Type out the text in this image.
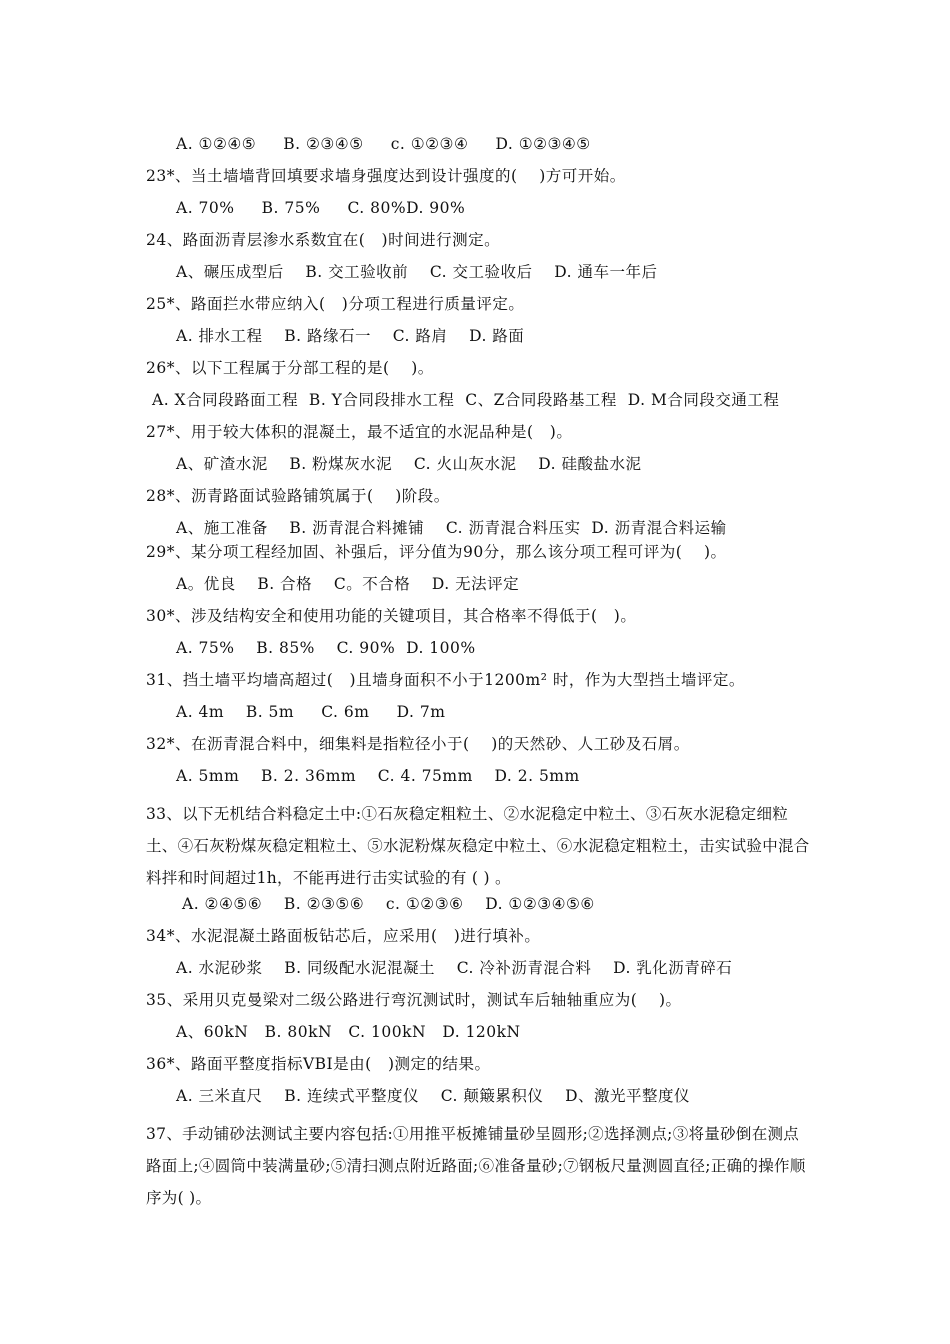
A. ①②④⑤     B. ②③④⑤     c. ①②③④     D. ①②③④⑤
23*、当土墙墙背回填要求墙身强度达到设计强度的(    )方可开始。
A. 70%     B. 75%     C. 80%D. 90%
24、路面沥青层渗水系数宜在(   )时间进行测定。
A、碾压成型后    B. 交工验收前    C. 交工验收后    D. 通车一年后
25*、路面拦水带应纳入(   )分项工程进行质量评定。
A. 排水工程    B. 路缘石一    C. 路肩    D. 路面
26*、以下工程属于分部工程的是(    )。
A. X合同段路面工程  B. Y合同段排水工程  C、Z合同段路基工程  D. M合同段交通工程
27*、用于较大体积的混凝土，最不适宜的水泥品种是(   )。
A、矿渣水泥    B. 粉煤灰水泥    C. 火山灰水泥    D. 硅酸盐水泥
28*、沥青路面试验路铺筑属于(    )阶段。
A、施工准备    B. 沥青混合料摊铺    C. 沥青混合料压实  D. 沥青混合料运输
29*、某分项工程经加固、补强后，评分值为90分，那么该分项工程可评为(    )。
A。优良    B. 合格    C。不合格    D. 无法评定
30*、涉及结构安全和使用功能的关键项目，其合格率不得低于(   )。
A. 75%    B. 85%    C. 90%  D. 100%
31、挡土墙平均墙高超过(   )且墙身面积不小于1200m² 时，作为大型挡土墙评定。
A. 4m    B. 5m     C. 6m     D. 7m
32*、在沥青混合料中，细集料是指粒径小于(    )的天然砂、人工砂及石屑。
A. 5mm    B. 2. 36mm    C. 4. 75mm    D. 2. 5mm
33、以下无机结合料稳定土中:①石灰稳定粗粒土、②水泥稳定中粒土、③石灰水泥稳定细粒土、④石灰粉煤灰稳定粗粒土、⑤水泥粉煤灰稳定中粒土、⑥水泥稳定粗粒土，击实试验中混合料拌和时间超过1h，不能再进行击实试验的有 ( ) 。
A. ②④⑤⑥    B. ②③⑤⑥    c. ①②③⑥    D. ①②③④⑤⑥
34*、水泥混凝土路面板钻芯后，应采用(   )进行填补。
A. 水泥砂浆    B. 同级配水泥混凝土    C. 冷补沥青混合料    D. 乳化沥青碎石
35、采用贝克曼梁对二级公路进行弯沉测试时，测试车后轴轴重应为(    )。
A、60kN   B. 80kN   C. 100kN   D. 120kN
36*、路面平整度指标VBI是由(   )测定的结果。
A. 三米直尺    B. 连续式平整度仪    C. 颠簸累积仪    D、激光平整度仪
37、手动铺砂法测试主要内容包括:①用推平板摊铺量砂呈圆形;②选择测点;③将量砂倒在测点路面上;④圆筒中装满量砂;⑤清扫测点附近路面;⑥准备量砂;⑦钢板尺量测圆直径;正确的操作顺序为( )。
